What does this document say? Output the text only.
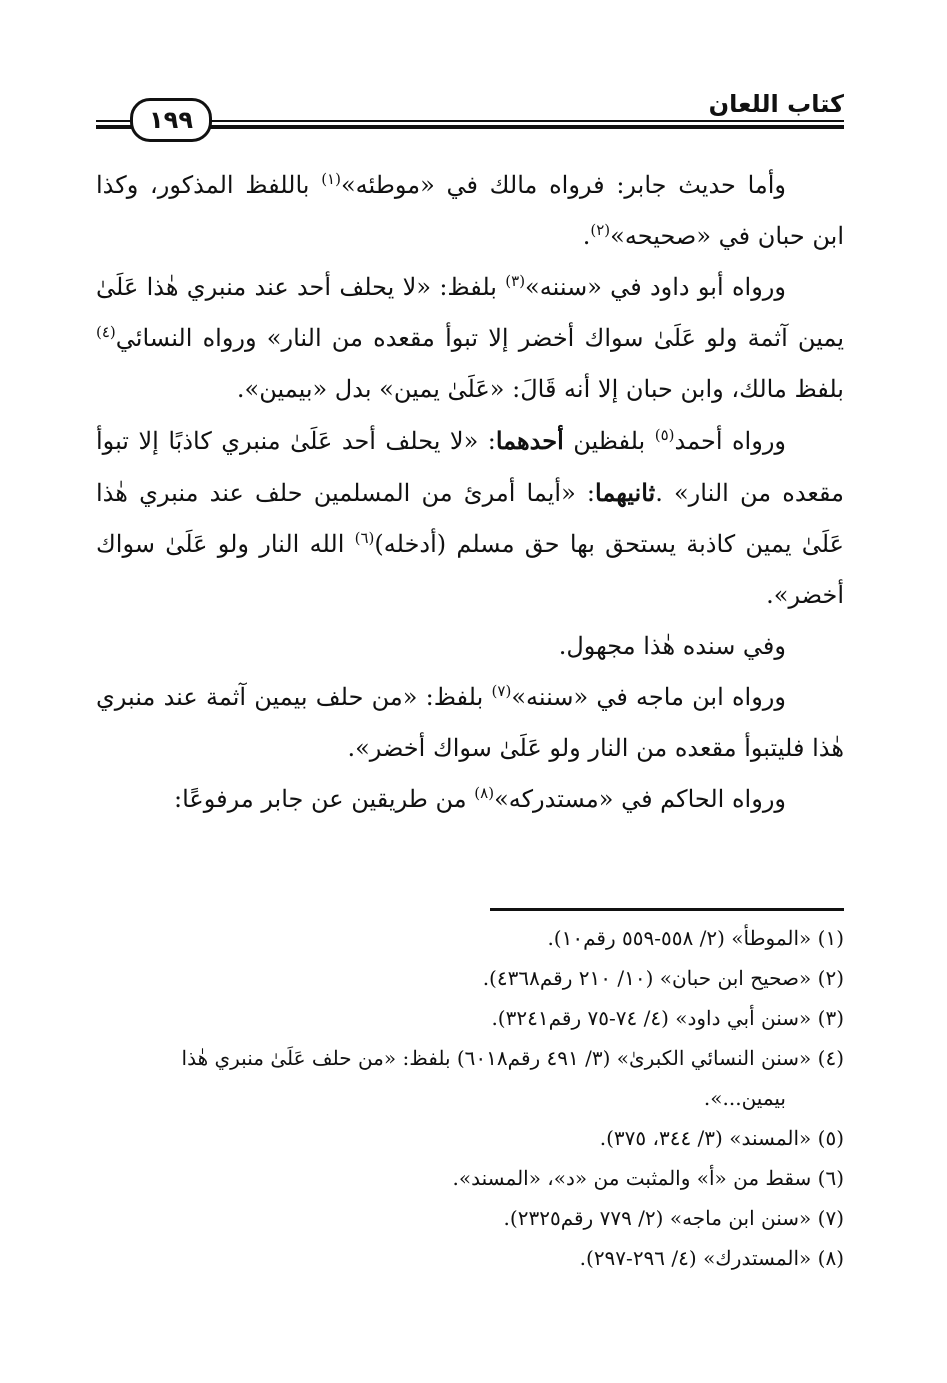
كتاب اللعان
١٩٩

وأما حديث جابر: فرواه مالك في «موطئه»$^{(١)}$ باللفظ المذكور، وكذا ابن حبان في «صحيحه»$^{(٢)}$.

ورواه أبو داود في «سننه»$^{(٣)}$ بلفظ: «لا يحلف أحد عند منبري هٰذا عَلَىٰ يمين آثمة ولو عَلَىٰ سواك أخضر إلا تبوأ مقعده من النار» ورواه النسائي$^{(٤)}$ بلفظ مالك، وابن حبان إلا أنه قَالَ: «عَلَىٰ يمين» بدل «بيمين».

ورواه أحمد$^{(٥)}$ بلفظين أحدهما: «لا يحلف أحد عَلَىٰ منبري كاذبًا إلا تبوأ مقعده من النار» .ثانيهما: «أيما أمرئ من المسلمين حلف عند منبري هٰذا عَلَىٰ يمين كاذبة يستحق بها حق مسلم (أدخله)$^{(٦)}$ الله النار ولو عَلَىٰ سواك أخضر».

وفي سنده هٰذا مجهول.

ورواه ابن ماجه في «سننه»$^{(٧)}$ بلفظ: «من حلف بيمين آثمة عند منبري هٰذا فليتبوأ مقعده من النار ولو عَلَىٰ سواك أخضر».

ورواه الحاكم في «مستدركه»$^{(٨)}$ من طريقين عن جابر مرفوعًا:

(١) «الموطأ» (٢/ ٥٥٨-٥٥٩ رقم١٠).

(٢) «صحيح ابن حبان» (١٠/ ٢١٠ رقم٤٣٦٨).

(٣) «سنن أبي داود» (٤/ ٧٤-٧٥ رقم٣٢٤١).

(٤) «سنن النسائي الكبرىٰ» (٣/ ٤٩١ رقم٦٠١٨) بلفظ: «من حلف عَلَىٰ منبري هٰذا

بيمين...».

(٥) «المسند» (٣/ ٣٤٤، ٣٧٥).

(٦) سقط من «أ» والمثبت من «د»، «المسند».

(٧) «سنن ابن ماجه» (٢/ ٧٧٩ رقم٢٣٢٥).

(٨) «المستدرك» (٤/ ٢٩٦-٢٩٧).
